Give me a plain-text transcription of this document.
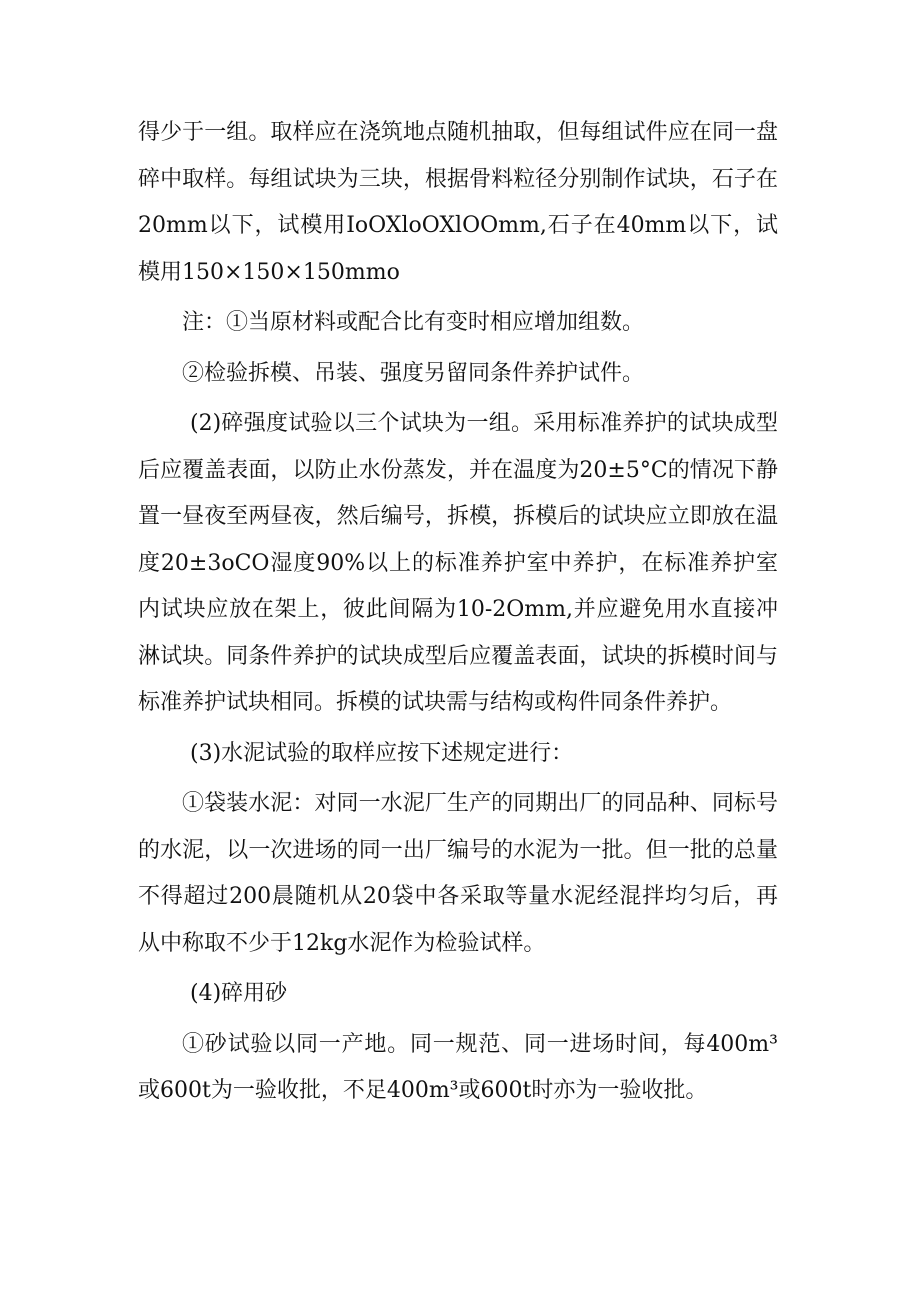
得少于一组。取样应在浇筑地点随机抽取，但每组试件应在同一盘碎中取样。每组试块为三块，根据骨料粒径分别制作试块，石子在20mm以下，试模用IoOXloOXlOOmm,石子在40mm以下，试模用150×150×150mmo

注：①当原材料或配合比有变时相应增加组数。

②检验拆模、吊装、强度另留同条件养护试件。

(2)碎强度试验以三个试块为一组。采用标准养护的试块成型后应覆盖表面，以防止水份蒸发，并在温度为20±5°C的情况下静置一昼夜至两昼夜，然后编号，拆模，拆模后的试块应立即放在温度20±3oCO湿度90%以上的标准养护室中养护，在标准养护室内试块应放在架上，彼此间隔为10-2Omm,并应避免用水直接冲淋试块。同条件养护的试块成型后应覆盖表面，试块的拆模时间与标准养护试块相同。拆模的试块需与结构或构件同条件养护。

(3)水泥试验的取样应按下述规定进行：

①袋装水泥：对同一水泥厂生产的同期出厂的同品种、同标号的水泥，以一次进场的同一出厂编号的水泥为一批。但一批的总量不得超过200晨随机从20袋中各采取等量水泥经混拌均匀后，再从中称取不少于12kg水泥作为检验试样。

(4)碎用砂

①砂试验以同一产地。同一规范、同一进场时间，每400m³或600t为一验收批，不足400m³或600t时亦为一验收批。
